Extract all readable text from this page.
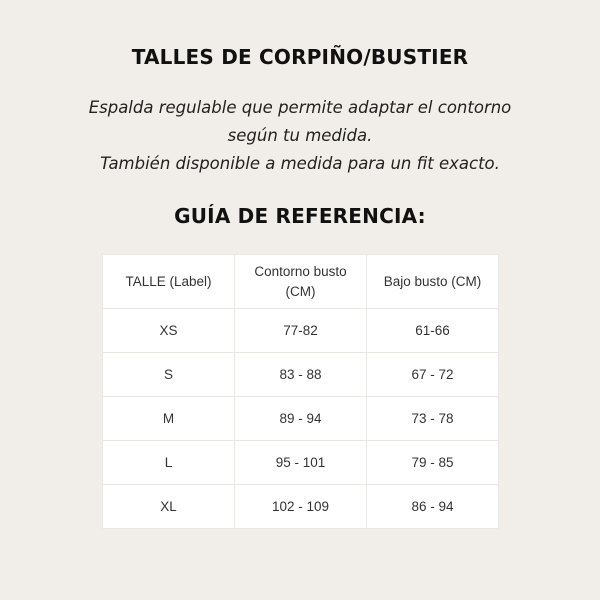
TALLES DE CORPIÑO/BUSTIER
Espalda regulable que permite adaptar el contorno
según tu medida.
También disponible a medida para un fit exacto.
GUÍA DE REFERENCIA:
TALLE (Label)	Contorno busto (CM)	Bajo busto (CM)
XS	77-82	61-66
S	83 - 88	67 - 72
M	89 - 94	73 - 78
L	95 - 101	79 - 85
XL	102 - 109	86 - 94
